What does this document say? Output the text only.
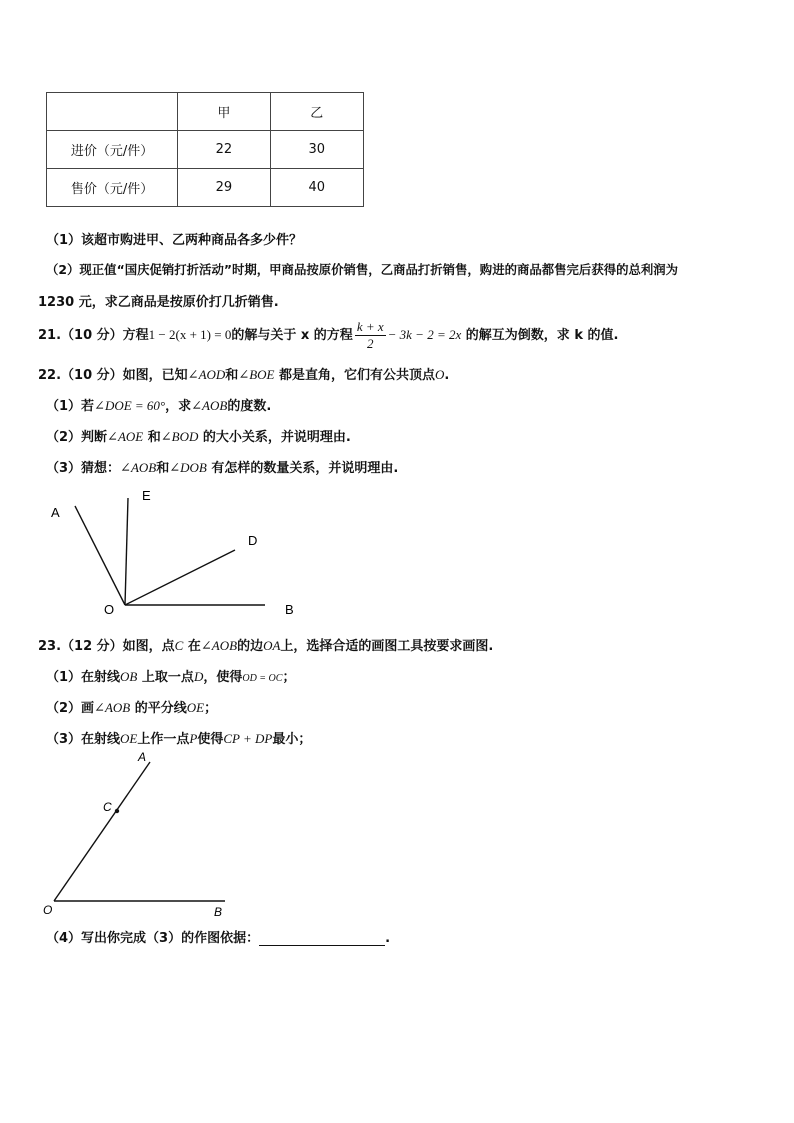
	甲	乙
进价（元/件）	22	30
售价（元/件）	29	40
（1）该超市购进甲、乙两种商品各多少件？
（2）现正值“国庆促销打折活动”时期，甲商品按原价销售，乙商品打折销售，购进的商品都售完后获得的总利润为
1230 元，求乙商品是按原价打几折销售.
21.（10 分）方程1 − 2(x + 1) = 0的解与关于 x 的方程 $\frac{k + x}{2} - 3k - 2 = 2x$ 的解互为倒数，求 k 的值.
22.（10 分）如图，已知∠AOD和∠BOE 都是直角，它们有公共顶点O.
（1）若∠DOE = 60°，求∠AOB的度数.
（2）判断∠AOE 和∠BOD 的大小关系，并说明理由.
（3）猜想：∠AOB和∠DOB 有怎样的数量关系，并说明理由.
A
E
D
O	B
23.（12 分）如图，点C 在∠AOB的边OA上，选择合适的画图工具按要求画图.
（1）在射线OB 上取一点D，使得OD = OC；
（2）画∠AOB 的平分线OE；
（3）在射线OE上作一点P使得CP + DP最小；
A
C
O	B
（4）写出你完成（3）的作图依据：	.
